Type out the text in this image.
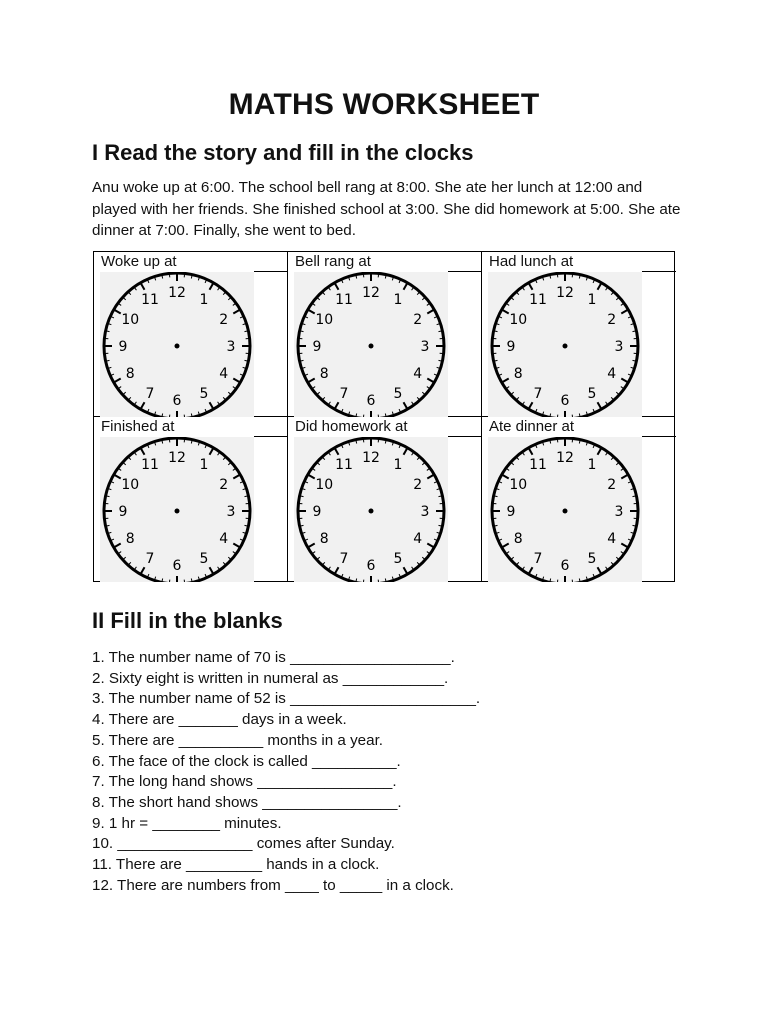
MATHS WORKSHEET
I Read the story and fill in the clocks
Anu woke up at 6:00. The school bell rang at 8:00. She ate her lunch at 12:00 and played with her friends. She finished school at 3:00. She did homework at 5:00. She ate dinner at 7:00. Finally, she went to bed.
Woke up at
12 1
2
3
4
5
6
7
8
9
10
11
Bell rang at
12 1
2
3
4
5
6
7
8
9
10
11
Had lunch at
12 1
2
3
4
5
6
7
8
9
10
11
Finished at
12 1
2
3
4
5
6
7
8
9
10
11
Did homework at
12 1
2
3
4
5
6
7
8
9
10
11
Ate dinner at
12 1
2
3
4
5
6
7
8
9
10
11
II Fill in the blanks
1. The number name of 70 is ___________________.
2. Sixty eight is written in numeral as ____________.
3. The number name of 52 is ______________________.
4. There are _______ days in a week.
5. There are __________ months in a year.
6. The face of the clock is called __________.
7. The long hand shows ________________.
8. The short hand shows ________________.
9. 1 hr = ________ minutes.
10. ________________ comes after Sunday.
11. There are _________ hands in a clock.
12. There are numbers from ____ to _____ in a clock.
